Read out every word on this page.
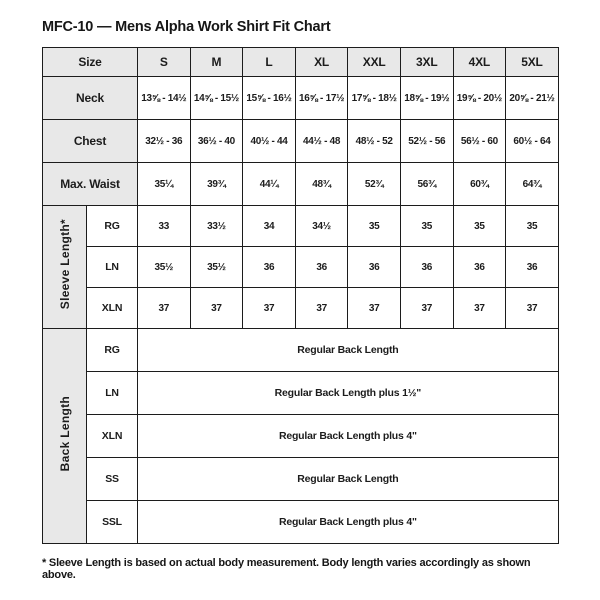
MFC-10 — Mens Alpha Work Shirt Fit Chart
Size		S	M	L	XL	XXL	3XL	4XL	5XL
Neck		13⅝ - 14½	14⅝ - 15½	15⅝ - 16½	16⅝ - 17½	17⅝ - 18½	18⅝ - 19½	19⅝ - 20½	20⅝ - 21½
Chest		32½ - 36	36½ - 40	40½ - 44	44½ - 48	48½ - 52	52½ - 56	56½ - 60	60½ - 64
Max. Waist		35¼	39¾	44¼	48¾	52¾	56¾	60¾	64¾
Sleeve Length*	RG	33	33½	34	34½	35	35	35	35
	LN	35½	35½	36	36	36	36	36	36
	XLN	37	37	37	37	37	37	37	37
Back Length	RG	Regular Back Length							
	LN	Regular Back Length plus 1½"							
	XLN	Regular Back Length plus 4"							
	SS	Regular Back Length							
	SSL	Regular Back Length plus 4"							

* Sleeve Length is based on actual body measurement. Body length varies accordingly as shown above.
